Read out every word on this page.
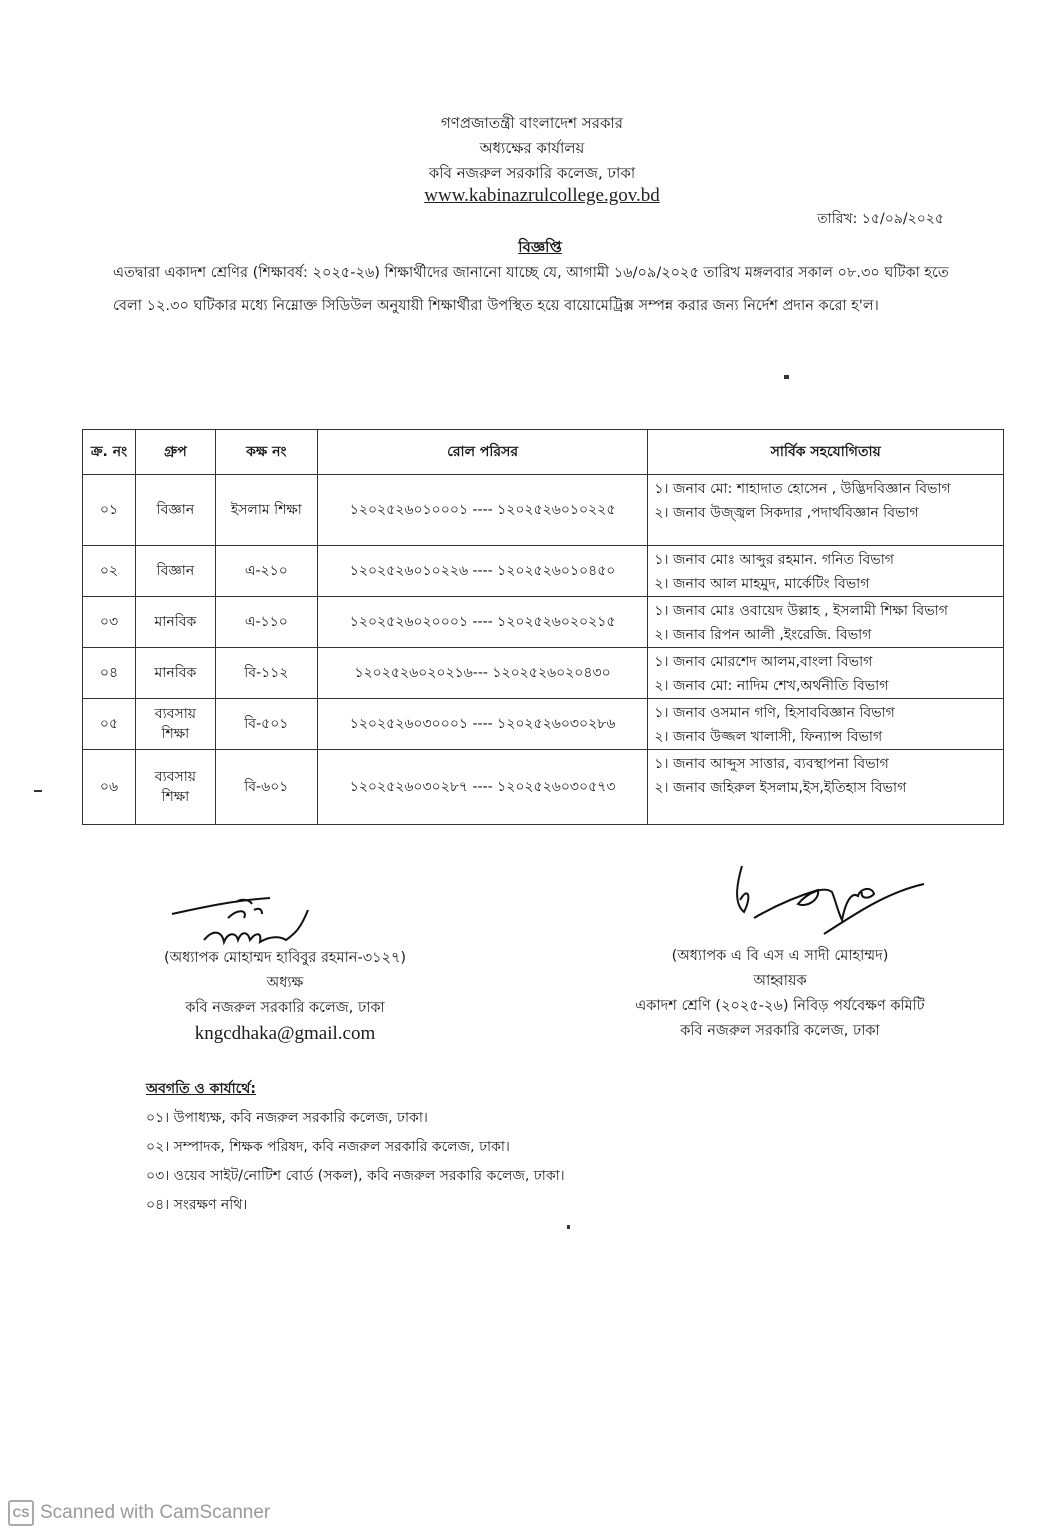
গণপ্রজাতন্ত্রী বাংলাদেশ সরকার
অধ্যক্ষের কার্যালয়
কবি নজরুল সরকারি কলেজ, ঢাকা
www.kabinazrulcollege.gov.bd
তারিখ: ১৫/০৯/২০২৫
বিজ্ঞপ্তি
এতদ্বারা একাদশ শ্রেণির (শিক্ষাবর্ষ: ২০২৫-২৬) শিক্ষার্থীদের জানানো যাচ্ছে যে, আগামী ১৬/০৯/২০২৫ তারিখ মঙ্গলবার সকাল ০৮.৩০ ঘটিকা হতে বেলা ১২.৩০ ঘটিকার মধ্যে নিম্নোক্ত সিডিউল অনুযায়ী শিক্ষার্থীরা উপস্থিত হয়ে বায়োমেট্রিক্স সম্পন্ন করার জন্য নির্দেশ প্রদান করো হ'ল।
ক্র. নং	গ্রুপ	কক্ষ নং	রোল পরিসর	সার্বিক সহযোগিতায়
০১	বিজ্ঞান	ইসলাম শিক্ষা	১২০২৫২৬০১০০০১ ---- ১২০২৫২৬০১০২২৫	১। জনাব মো: শাহাদাত হোসেন , উদ্ভিদবিজ্ঞান বিভাগ
২। জনাব উজ্জ্বল সিকদার ,পদার্থবিজ্ঞান বিভাগ

০২	বিজ্ঞান	এ-২১০	১২০২৫২৬০১০২২৬ ---- ১২০২৫২৬০১০৪৫০	১। জনাব মোঃ আব্দুর রহমান. গনিত বিভাগ
২। জনাব আল মাহমুদ, মার্কেটিং বিভাগ

০৩	মানবিক	এ-১১০	১২০২৫২৬০২০০০১ ---- ১২০২৫২৬০২০২১৫	১। জনাব মোঃ ওবায়েদ উল্লাহ , ইসলামী শিক্ষা বিভাগ
২। জনাব রিপন আলী ,ইংরেজি. বিভাগ

০৪	মানবিক	বি-১১২	১২০২৫২৬০২০২১৬--- ১২০২৫২৬০২০৪৩০	১। জনাব মোরশেদ আলম,বাংলা বিভাগ
২। জনাব মো: নাদিম শেখ,অর্থনীতি বিভাগ

০৫	ব্যবসায় শিক্ষা	বি-৫০১	১২০২৫২৬০৩০০০১ ---- ১২০২৫২৬০৩০২৮৬	১। জনাব ওসমান গণি, হিসাববিজ্ঞান বিভাগ
২। জনাব উজ্জল খালাসী, ফিন্যান্স বিভাগ

০৬	ব্যবসায় শিক্ষা	বি-৬০১	১২০২৫২৬০৩০২৮৭ ---- ১২০২৫২৬০৩০৫৭৩	১। জনাব আব্দুস সাত্তার, ব্যবস্থাপনা বিভাগ
২। জনাব জহিরুল ইসলাম,ইস,ইতিহাস বিভাগ
(অধ্যাপক মোহাম্মদ হাবিবুর রহমান-৩১২৭)
অধ্যক্ষ
কবি নজরুল সরকারি কলেজ, ঢাকা
kngcdhaka@gmail.com
(অধ্যাপক এ বি এস এ সাদী মোহাম্মদ)
আহ্বায়ক
একাদশ শ্রেণি (২০২৫-২৬) নিবিড় পর্যবেক্ষণ কমিটি
কবি নজরুল সরকারি কলেজ, ঢাকা
অবগতি ও কার্যার্থে:
০১। উপাধ্যক্ষ, কবি নজরুল সরকারি কলেজ, ঢাকা।
০২। সম্পাদক, শিক্ষক পরিষদ, কবি নজরুল সরকারি কলেজ, ঢাকা।
০৩। ওয়েব সাইট/নোটিশ বোর্ড (সকল), কবি নজরুল সরকারি কলেজ, ঢাকা।
০৪। সংরক্ষণ নথি।
CS Scanned with CamScanner
